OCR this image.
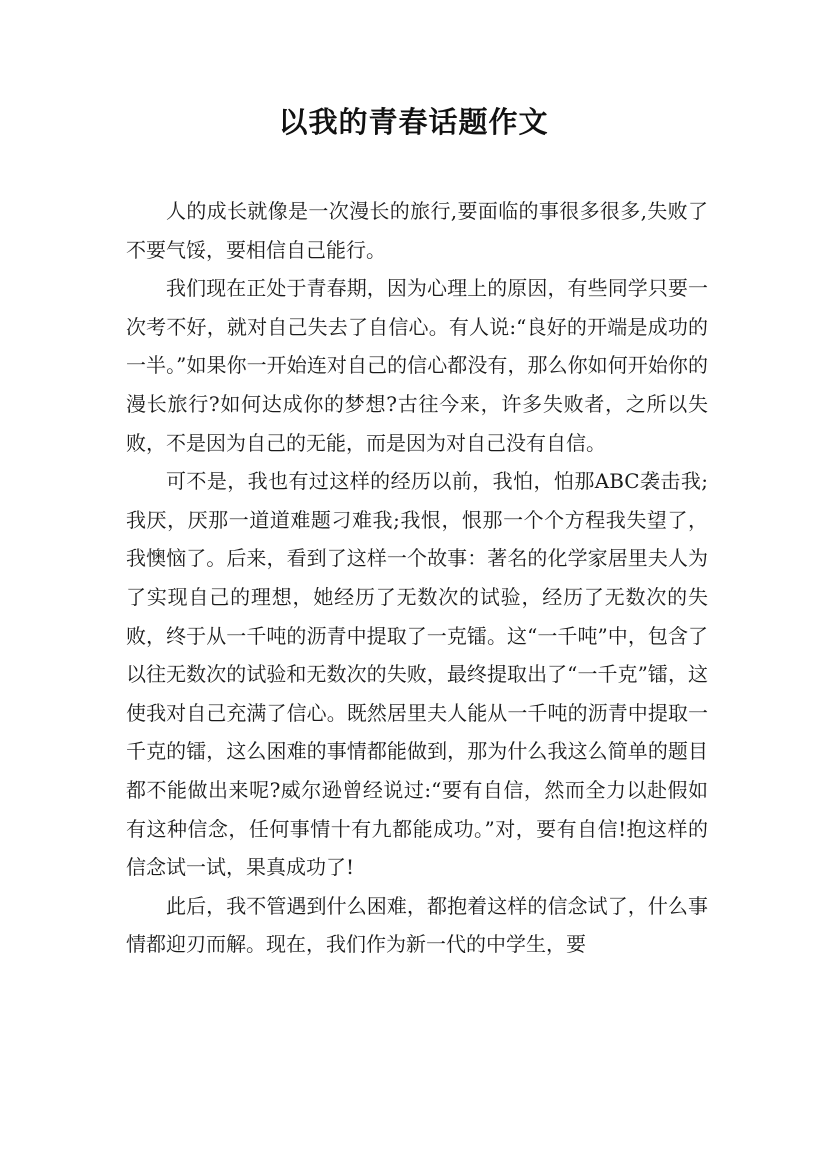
以我的青春话题作文

人的成长就像是一次漫长的旅行,要面临的事很多很多,失败了不要气馁，要相信自己能行。

我们现在正处于青春期，因为心理上的原因，有些同学只要一次考不好，就对自己失去了自信心。有人说:“良好的开端是成功的一半。”如果你一开始连对自己的信心都没有，那么你如何开始你的漫长旅行?如何达成你的梦想?古往今来，许多失败者，之所以失败，不是因为自己的无能，而是因为对自己没有自信。

可不是，我也有过这样的经历以前，我怕，怕那ABC袭击我;我厌，厌那一道道难题刁难我;我恨，恨那一个个方程我失望了，我懊恼了。后来，看到了这样一个故事：著名的化学家居里夫人为了实现自己的理想，她经历了无数次的试验，经历了无数次的失败，终于从一千吨的沥青中提取了一克镭。这“一千吨”中，包含了以往无数次的试验和无数次的失败，最终提取出了“一千克”镭，这使我对自己充满了信心。既然居里夫人能从一千吨的沥青中提取一千克的镭，这么困难的事情都能做到，那为什么我这么简单的题目都不能做出来呢?威尔逊曾经说过:“要有自信，然而全力以赴假如有这种信念，任何事情十有九都能成功。”对，要有自信!抱这样的信念试一试，果真成功了!

此后，我不管遇到什么困难，都抱着这样的信念试了，什么事情都迎刃而解。现在，我们作为新一代的中学生，要
